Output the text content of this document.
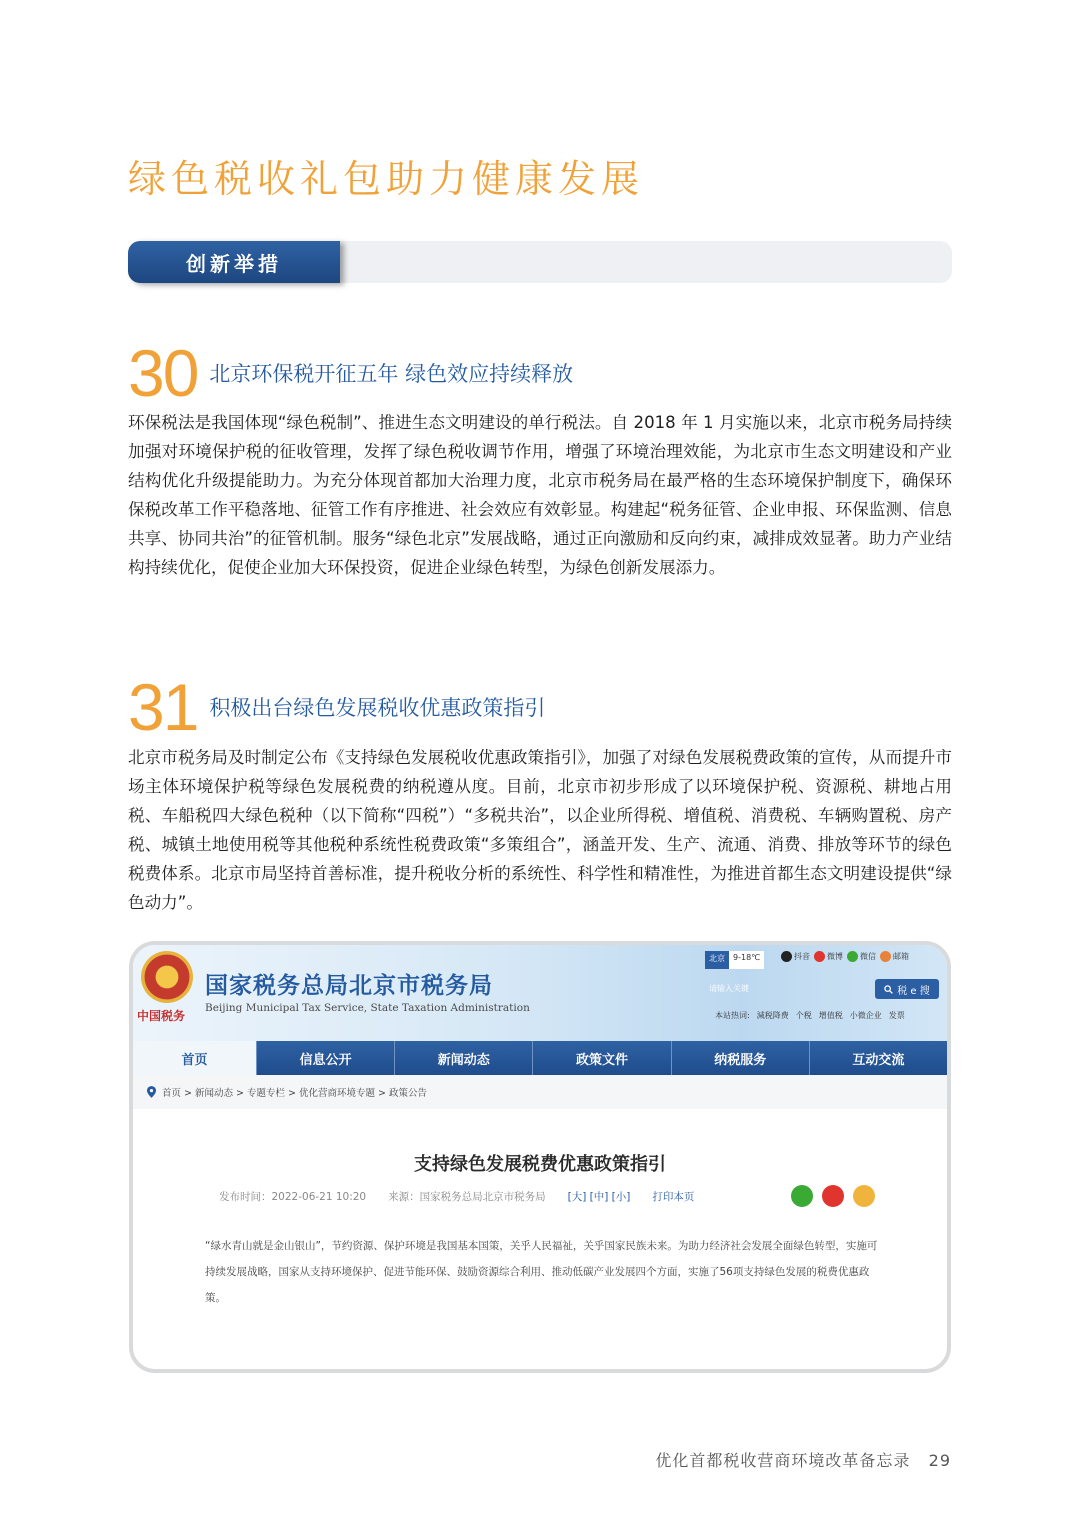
绿色税收礼包助力健康发展
创新举措
30 北京环保税开征五年 绿色效应持续释放

环保税法是我国体现“绿色税制”、推进生态文明建设的单行税法。自 2018 年 1 月实施以来，北京市税务局持续加强对环境保护税的征收管理，发挥了绿色税收调节作用，增强了环境治理效能，为北京市生态文明建设和产业结构优化升级提能助力。为充分体现首都加大治理力度，北京市税务局在最严格的生态环境保护制度下，确保环保税改革工作平稳落地、征管工作有序推进、社会效应有效彰显。构建起“税务征管、企业申报、环保监测、信息共享、协同共治”的征管机制。服务“绿色北京”发展战略，通过正向激励和反向约束，减排成效显著。助力产业结构持续优化，促使企业加大环保投资，促进企业绿色转型，为绿色创新发展添力。

31 积极出台绿色发展税收优惠政策指引

北京市税务局及时制定公布《支持绿色发展税收优惠政策指引》，加强了对绿色发展税费政策的宣传，从而提升市场主体环境保护税等绿色发展税费的纳税遵从度。目前，北京市初步形成了以环境保护税、资源税、耕地占用税、车船税四大绿色税种（以下简称“四税”）“多税共治”，以企业所得税、增值税、消费税、车辆购置税、房产税、城镇土地使用税等其他税种系统性税费政策“多策组合”，涵盖开发、生产、流通、消费、排放等环节的绿色税费体系。北京市局坚持首善标准，提升税收分析的系统性、科学性和精准性，为推进首都生态文明建设提供“绿色动力”。

中国税务
国家税务总局北京市税务局
Beijing Municipal Tax Service, State Taxation Administration
北京	9-18℃	抖音 微博 微信 邮箱
请输入关键	税 e 搜
本站热词: 減税降费 个税 增值税 小微企业 发票
首页	信息公开	新闻动态	政策文件	纳税服务	互动交流
首页 > 新闻动态 > 专题专栏 > 优化营商环境专题 > 政策公告
支持绿色发展税费优惠政策指引
发布时间：2022-06-21 10:20 来源：国家税务总局北京市税务局 [大] [中] [小] 打印本页

“绿水青山就是金山银山”，节约资源、保护环境是我国基本国策，关乎人民福祉，关乎国家民族未来。为助力经济社会发展全面绿色转型，实施可持续发展战略，国家从支持环境保护、促进节能环保、鼓励资源综合利用、推动低碳产业发展四个方面，实施了56项支持绿色发展的税费优惠政策。

优化首都税收营商环境改革备忘录 29
